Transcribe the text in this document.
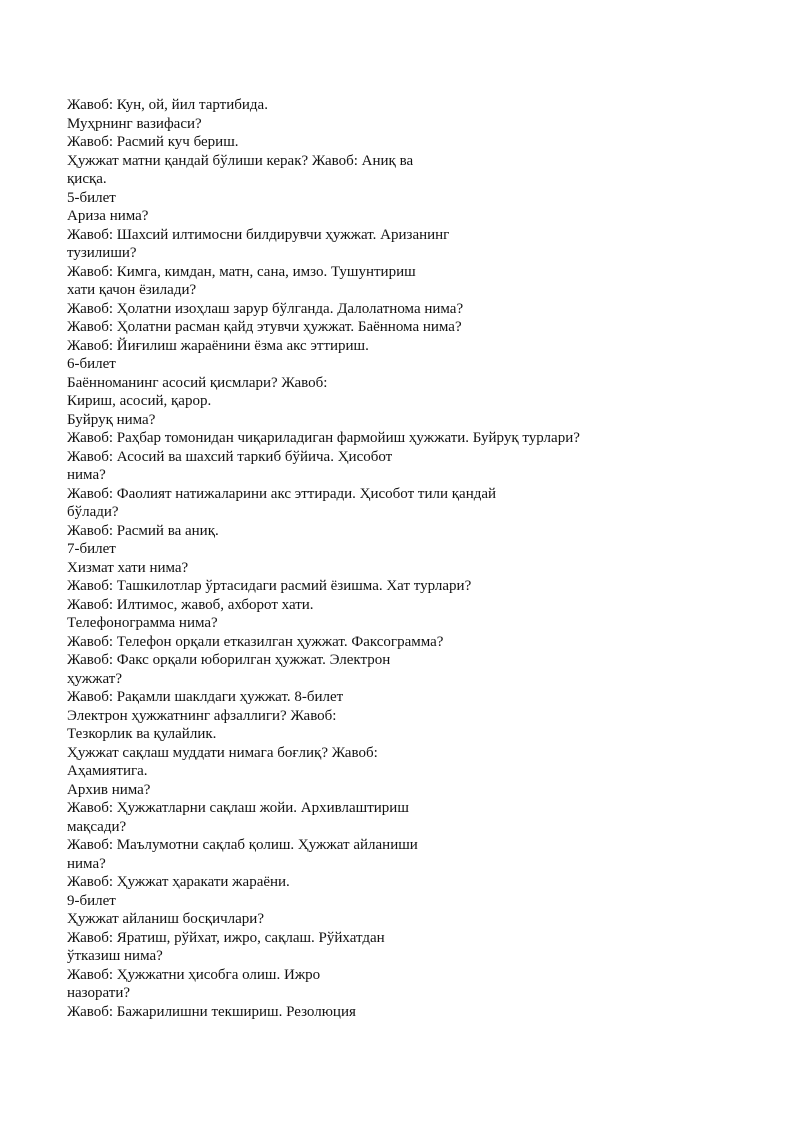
Жавоб: Кун, ой, йил тартибида.
Муҳрнинг вазифаси?
Жавоб: Расмий куч бериш.
Ҳужжат матни қандай бўлиши керак? Жавоб: Аниқ ва
қисқа.
5-билет
Ариза нима?
Жавоб: Шахсий илтимосни билдирувчи ҳужжат. Аризанинг
тузилиши?
Жавоб: Кимга, кимдан, матн, сана, имзо. Тушунтириш
хати қачон ёзилади?
Жавоб: Ҳолатни изоҳлаш зарур бўлганда. Далолатнома нима?
Жавоб: Ҳолатни расман қайд этувчи ҳужжат. Баённома нима?
Жавоб: Йиғилиш жараёнини ёзма акс эттириш.
6-билет
Баённоманинг асосий қисмлари? Жавоб:
Кириш, асосий, қарор.
Буйруқ нима?
Жавоб: Раҳбар томонидан чиқариладиган фармойиш ҳужжати. Буйруқ турлари?
Жавоб: Асосий ва шахсий таркиб бўйича. Ҳисобот
нима?
Жавоб: Фаолият натижаларини акс эттиради. Ҳисобот тили қандай
бўлади?
Жавоб: Расмий ва аниқ.
7-билет
Хизмат хати нима?
Жавоб: Ташкилотлар ўртасидаги расмий ёзишма. Хат турлари?
Жавоб: Илтимос, жавоб, ахборот хати.
Телефонограмма нима?
Жавоб: Телефон орқали етказилган ҳужжат. Факсограмма?
Жавоб: Факс орқали юборилган ҳужжат. Электрон
ҳужжат?
Жавоб: Рақамли шаклдаги ҳужжат. 8-билет
Электрон ҳужжатнинг афзаллиги? Жавоб:
Тезкорлик ва қулайлик.
Ҳужжат сақлаш муддати нимага боғлиқ? Жавоб:
Аҳамиятига.
Архив нима?
Жавоб: Ҳужжатларни сақлаш жойи. Архивлаштириш
мақсади?
Жавоб: Маълумотни сақлаб қолиш. Ҳужжат айланиши
нима?
Жавоб: Ҳужжат ҳаракати жараёни.
9-билет
Ҳужжат айланиш босқичлари?
Жавоб: Яратиш, рўйхат, ижро, сақлаш. Рўйхатдан
ўтказиш нима?
Жавоб: Ҳужжатни ҳисобга олиш. Ижро
назорати?
Жавоб: Бажарилишни текшириш. Резолюция
